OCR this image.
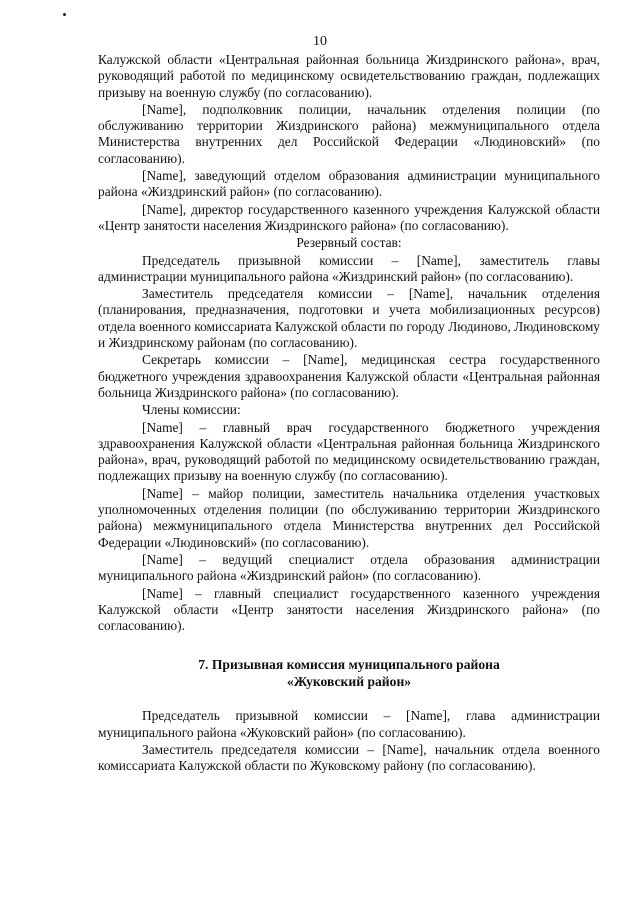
10

Калужской области «Центральная районная больница Жиздринского района», врач, руководящий работой по медицинскому освидетельствованию граждан, подлежащих призыву на военную службу (по согласованию).

[Name], подполковник полиции, начальник отделения полиции (по обслуживанию территории Жиздринского района) межмуниципального отдела Министерства внутренних дел Российской Федерации «Людиновский» (по согласованию).

[Name], заведующий отделом образования администрации муниципального района «Жиздринский район» (по согласованию).

[Name], директор государственного казенного учреждения Калужской области «Центр занятости населения Жиздринского района» (по согласованию).

Резервный состав:

Председатель призывной комиссии – [Name], заместитель главы администрации муниципального района «Жиздринский район» (по согласованию).

Заместитель председателя комиссии – [Name], начальник отделения (планирования, предназначения, подготовки и учета мобилизационных ресурсов) отдела военного комиссариата Калужской области по городу Людиново, Людиновскому и Жиздринскому районам (по согласованию).

Секретарь комиссии – [Name], медицинская сестра государственного бюджетного учреждения здравоохранения Калужской области «Центральная районная больница Жиздринского района» (по согласованию).

Члены комиссии:

[Name] – главный врач государственного бюджетного учреждения здравоохранения Калужской области «Центральная районная больница Жиздринского района», врач, руководящий работой по медицинскому освидетельствованию граждан, подлежащих призыву на военную службу (по согласованию).

[Name] – майор полиции, заместитель начальника отделения участковых уполномоченных отделения полиции (по обслуживанию территории Жиздринского района) межмуниципального отдела Министерства внутренних дел Российской Федерации «Людиновский» (по согласованию).

[Name] – ведущий специалист отдела образования администрации муниципального района «Жиздринский район» (по согласованию).

[Name] – главный специалист государственного казенного учреждения Калужской области «Центр занятости населения Жиздринского района» (по согласованию).

7. Призывная комиссия муниципального района
«Жуковский район»

Председатель призывной комиссии – [Name], глава администрации муниципального района «Жуковский район» (по согласованию).

Заместитель председателя комиссии – [Name], начальник отдела военного комиссариата Калужской области по Жуковскому району (по согласованию).
